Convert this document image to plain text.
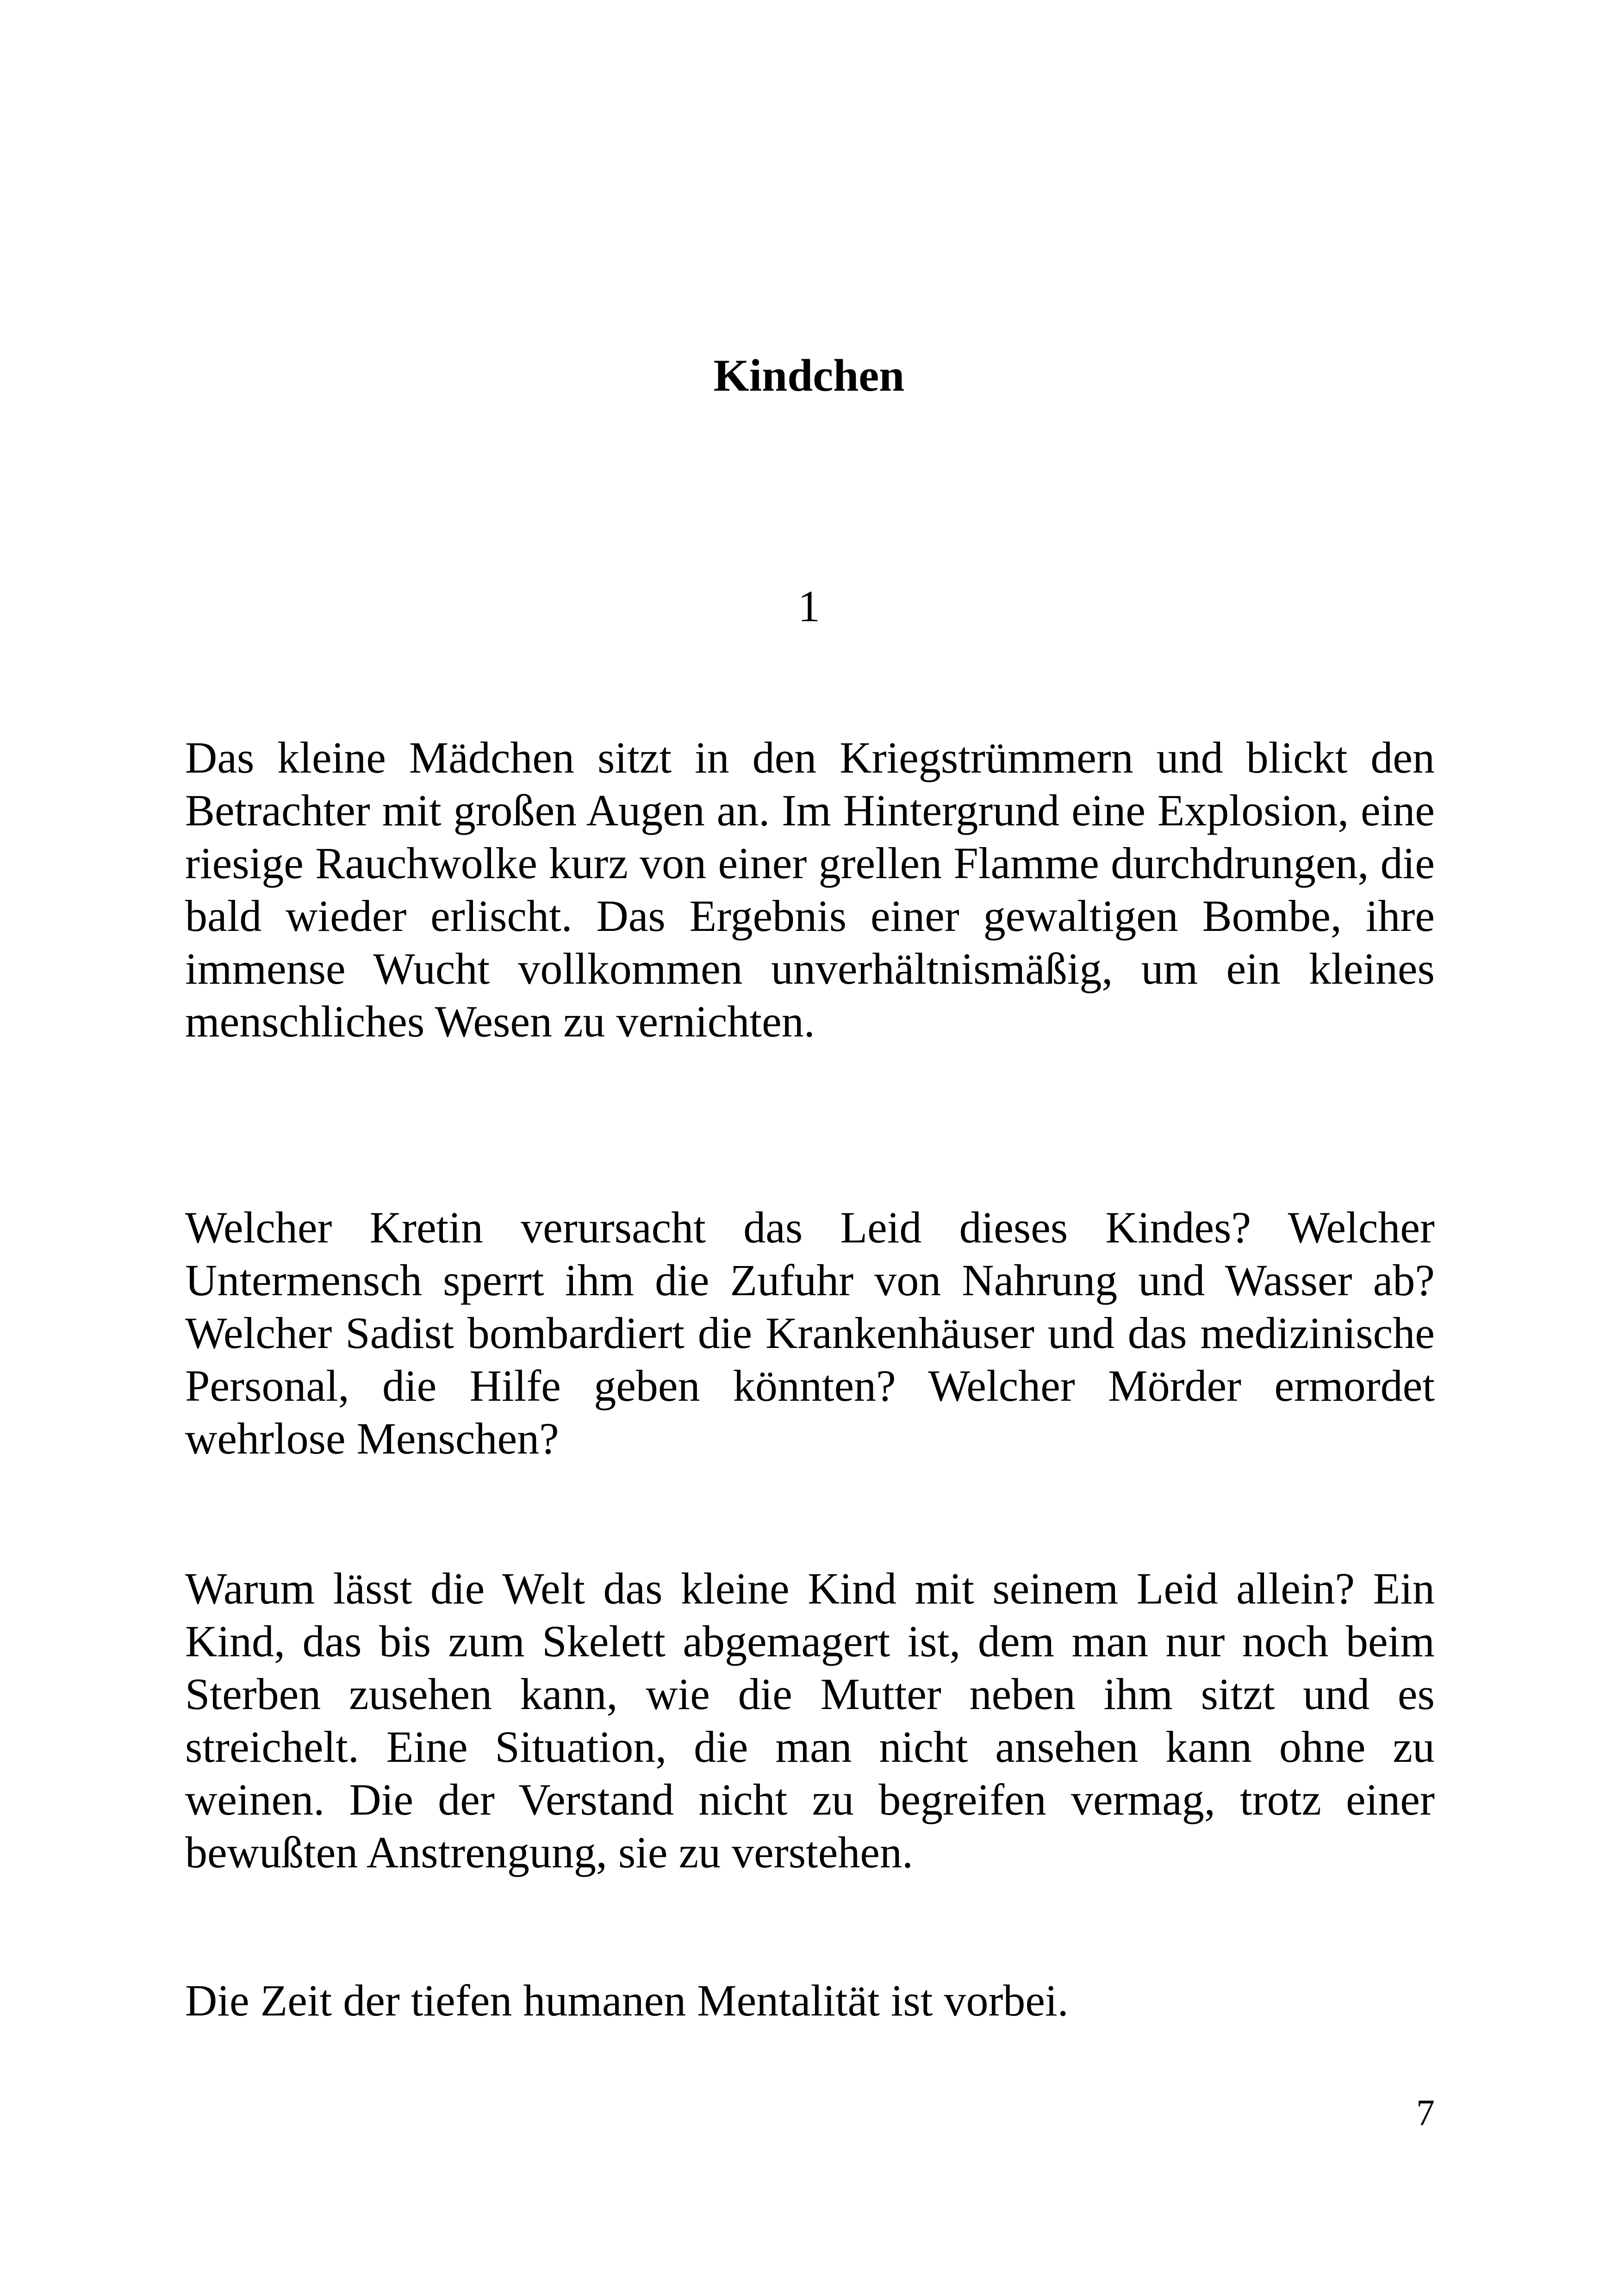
Kindchen
1

Das kleine Mädchen sitzt in den Kriegstrümmern und blickt den Betrachter mit großen Augen an. Im Hintergrund eine Explosion, eine riesige Rauchwolke kurz von einer grellen Flamme durchdrungen, die bald wieder erlischt. Das Ergebnis einer gewaltigen Bombe, ihre immense Wucht vollkommen unverhältnismäßig, um ein kleines menschliches Wesen zu vernichten.

Welcher Kretin verursacht das Leid dieses Kindes? Welcher Untermensch sperrt ihm die Zufuhr von Nahrung und Wasser ab? Welcher Sadist bombardiert die Krankenhäuser und das medizinische Personal, die Hilfe geben könnten? Welcher Mörder ermordet wehrlose Menschen?

Warum lässt die Welt das kleine Kind mit seinem Leid allein? Ein Kind, das bis zum Skelett abgemagert ist, dem man nur noch beim Sterben zusehen kann, wie die Mutter neben ihm sitzt und es streichelt. Eine Situation, die man nicht ansehen kann ohne zu weinen. Die der Verstand nicht zu begreifen vermag, trotz einer bewußten Anstrengung, sie zu verstehen.

Die Zeit der tiefen humanen Mentalität ist vorbei.

7
